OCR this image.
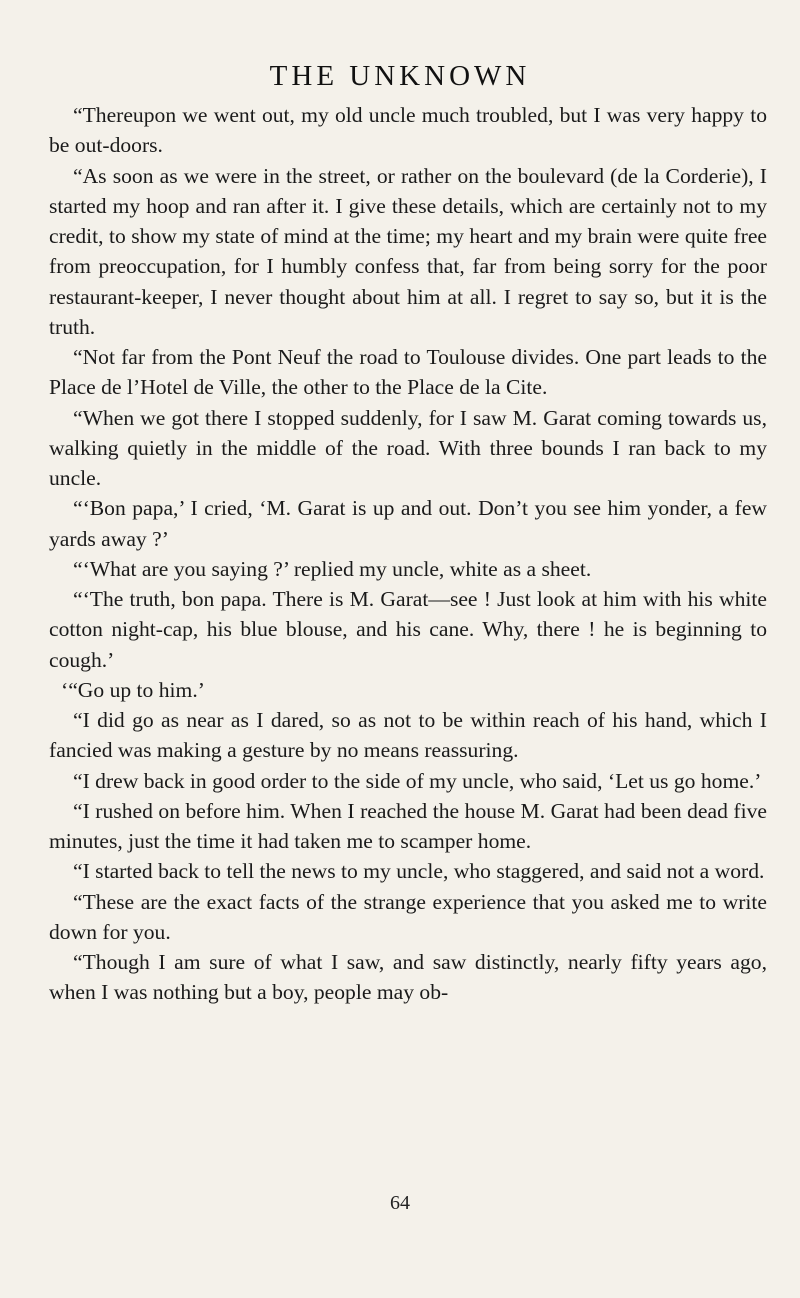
THE UNKNOWN

“Thereupon we went out, my old uncle much troubled, but I was very happy to be out-doors.

“As soon as we were in the street, or rather on the boulevard (de la Corderie), I started my hoop and ran after it. I give these details, which are certainly not to my credit, to show my state of mind at the time; my heart and my brain were quite free from preoccupation, for I humbly confess that, far from being sorry for the poor restaurant-keeper, I never thought about him at all. I regret to say so, but it is the truth.

“Not far from the Pont Neuf the road to Toulouse divides. One part leads to the Place de l’Hotel de Ville, the other to the Place de la Cite.

“When we got there I stopped suddenly, for I saw M. Garat coming towards us, walking quietly in the middle of the road. With three bounds I ran back to my uncle.

“‘Bon papa,’ I cried, ‘M. Garat is up and out. Don’t you see him yonder, a few yards away ?’

“‘What are you saying ?’ replied my uncle, white as a sheet.

“‘The truth, bon papa. There is M. Garat—see ! Just look at him with his white cotton night-cap, his blue blouse, and his cane. Why, there ! he is beginning to cough.’

‘“Go up to him.’

“I did go as near as I dared, so as not to be within reach of his hand, which I fancied was making a gesture by no means reassuring.

“I drew back in good order to the side of my uncle, who said, ‘Let us go home.’

“I rushed on before him. When I reached the house M. Garat had been dead five minutes, just the time it had taken me to scamper home.

“I started back to tell the news to my uncle, who staggered, and said not a word.

“These are the exact facts of the strange experience that you asked me to write down for you.

“Though I am sure of what I saw, and saw distinctly, nearly fifty years ago, when I was nothing but a boy, people may ob-

64
